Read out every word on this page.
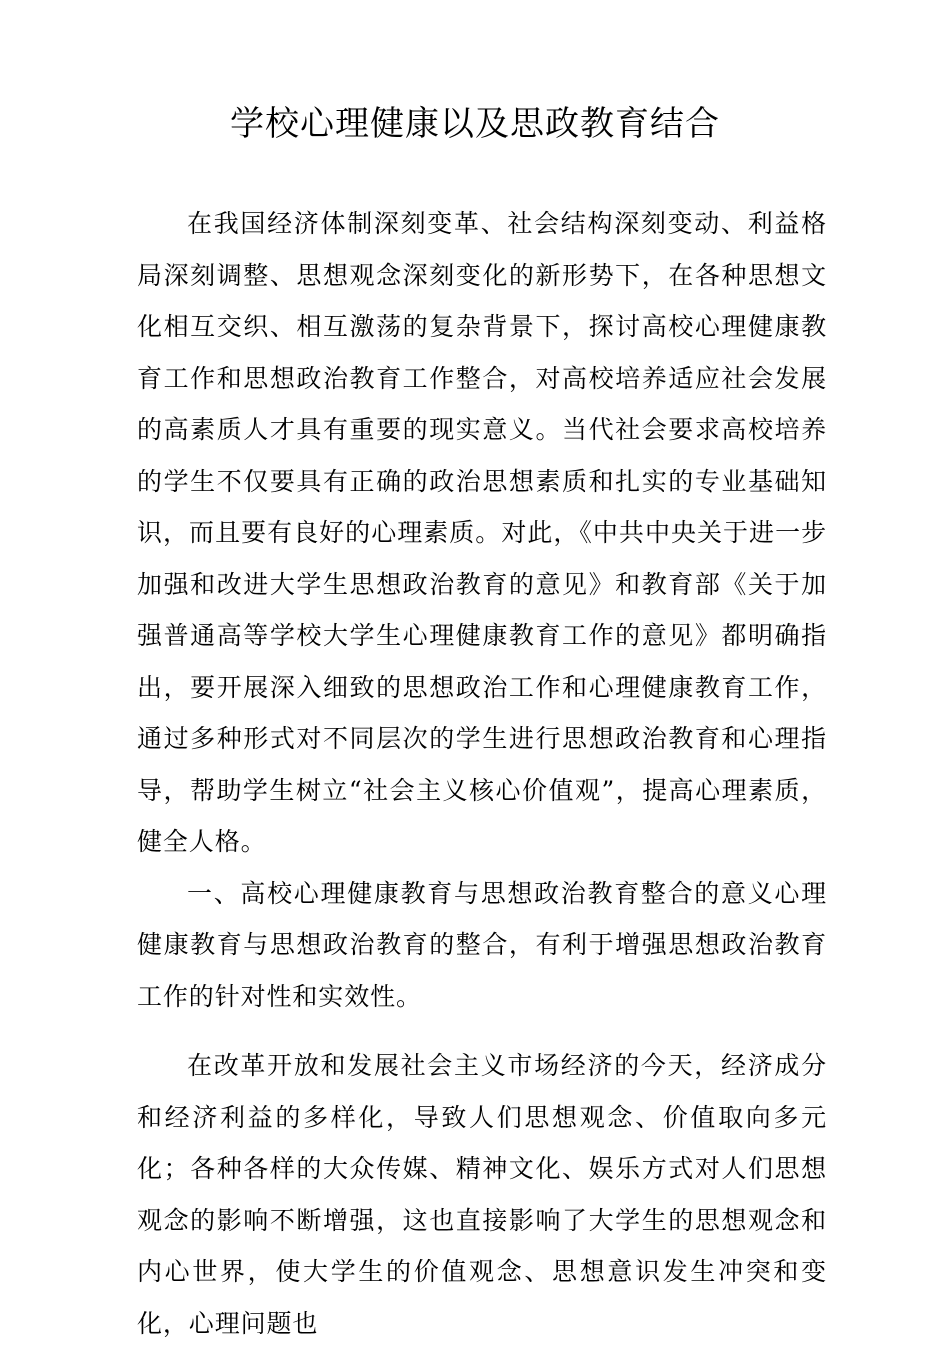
学校心理健康以及思政教育结合

在我国经济体制深刻变革、社会结构深刻变动、利益格局深刻调整、思想观念深刻变化的新形势下，在各种思想文化相互交织、相互激荡的复杂背景下，探讨高校心理健康教育工作和思想政治教育工作整合，对高校培养适应社会发展的高素质人才具有重要的现实意义。当代社会要求高校培养的学生不仅要具有正确的政治思想素质和扎实的专业基础知识，而且要有良好的心理素质。对此，《中共中央关于进一步加强和改进大学生思想政治教育的意见》和教育部《关于加强普通高等学校大学生心理健康教育工作的意见》都明确指出，要开展深入细致的思想政治工作和心理健康教育工作，通过多种形式对不同层次的学生进行思想政治教育和心理指导，帮助学生树立“社会主义核心价值观”，提高心理素质，健全人格。

一、高校心理健康教育与思想政治教育整合的意义心理健康教育与思想政治教育的整合，有利于增强思想政治教育工作的针对性和实效性。

在改革开放和发展社会主义市场经济的今天，经济成分和经济利益的多样化，导致人们思想观念、价值取向多元化；各种各样的大众传媒、精神文化、娱乐方式对人们思想观念的影响不断增强，这也直接影响了大学生的思想观念和内心世界，使大学生的价值观念、思想意识发生冲突和变化，心理问题也
